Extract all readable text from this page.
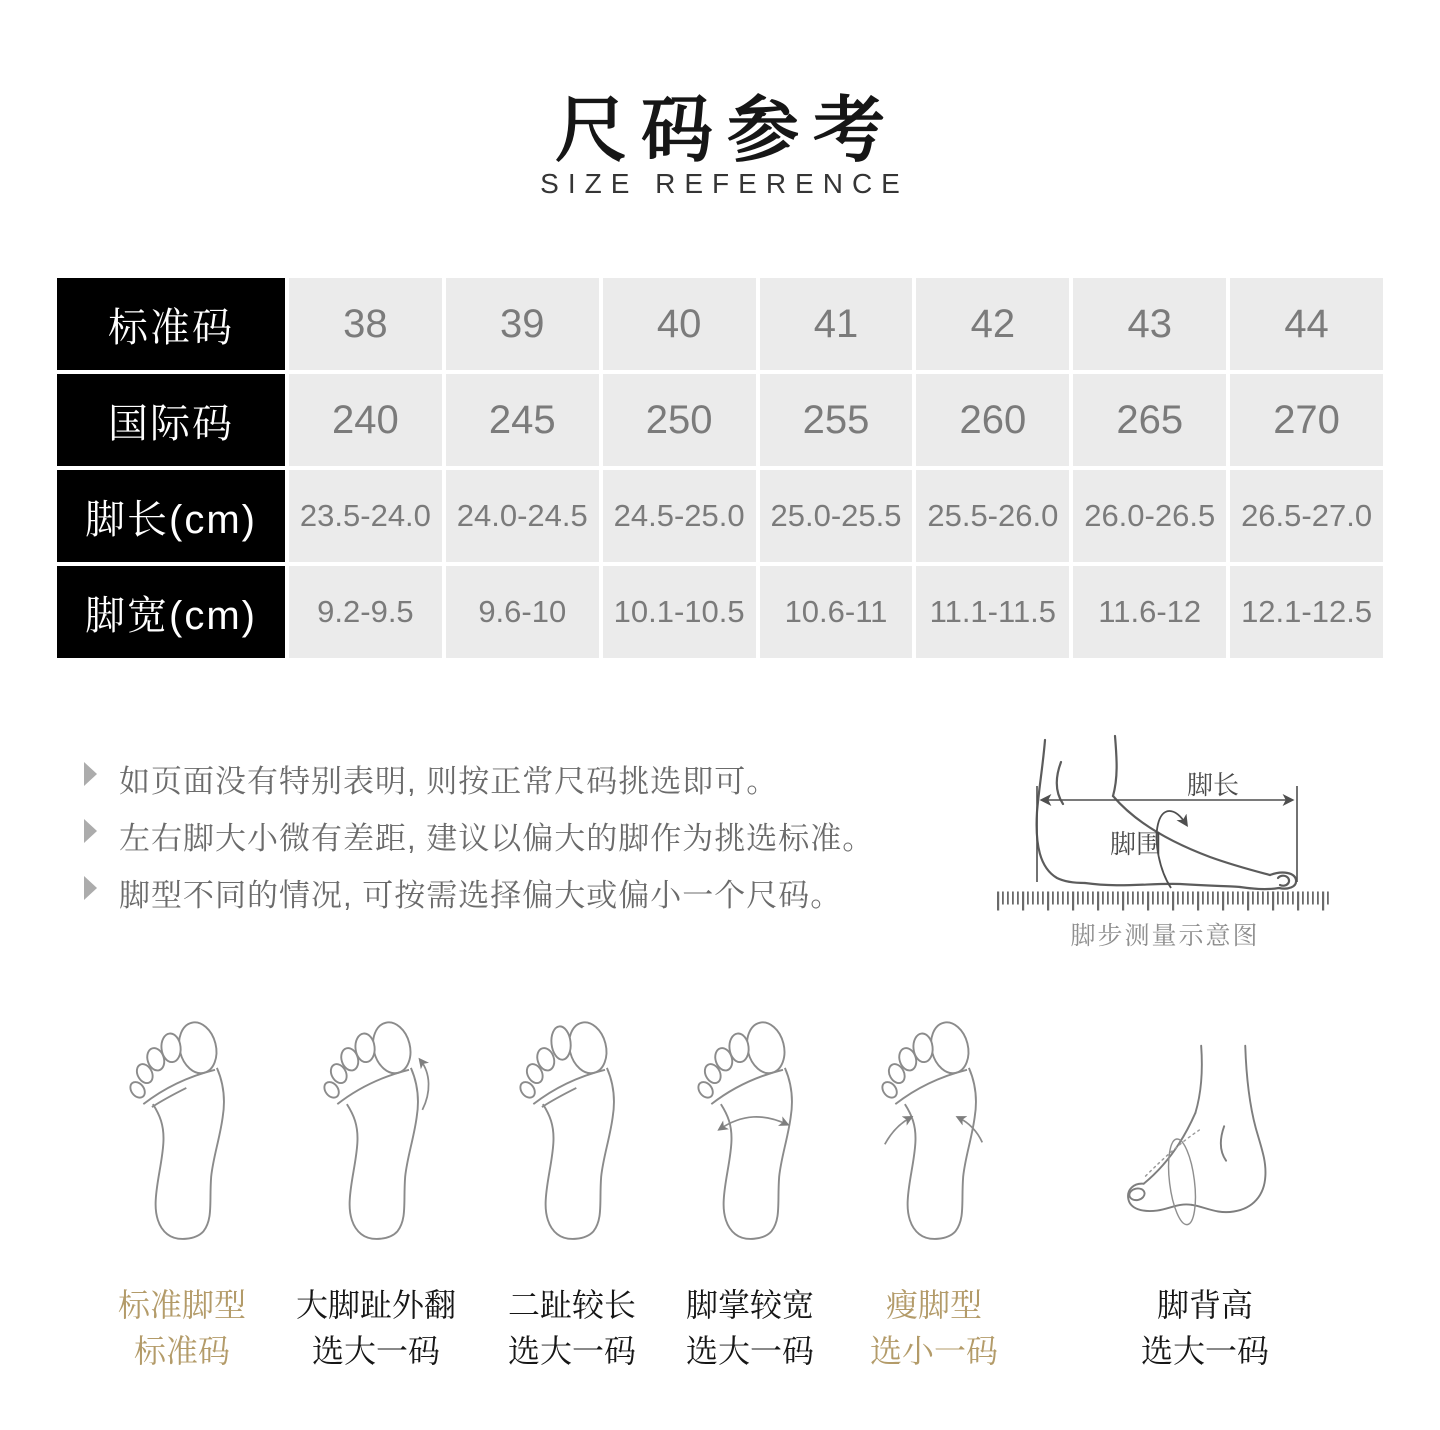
尺码参考
SIZE REFERENCE
标准码	38	39	40	41	42	43	44
国际码	240	245	250	255	260	265	270
脚长(cm)	23.5-24.0 24.0-24.5 24.5-25.0 25.0-25.5 25.5-26.0 26.0-26.5 26.5-27.0
脚宽(cm)	9.2-9.5	9.6-10	10.1-10.5	10.6-11	11.1-11.5	11.6-12	12.1-12.5
如页面没有特别表明, 则按正常尺码挑选即可。
左右脚大小微有差距, 建议以偏大的脚作为挑选标准。
脚型不同的情况, 可按需选择偏大或偏小一个尺码。
脚长
脚围
脚步测量示意图
标准脚型
标准码
大脚趾外翻
选大一码
二趾较长
选大一码
脚掌较宽
选大一码
瘦脚型
选小一码
脚背高
选大一码
